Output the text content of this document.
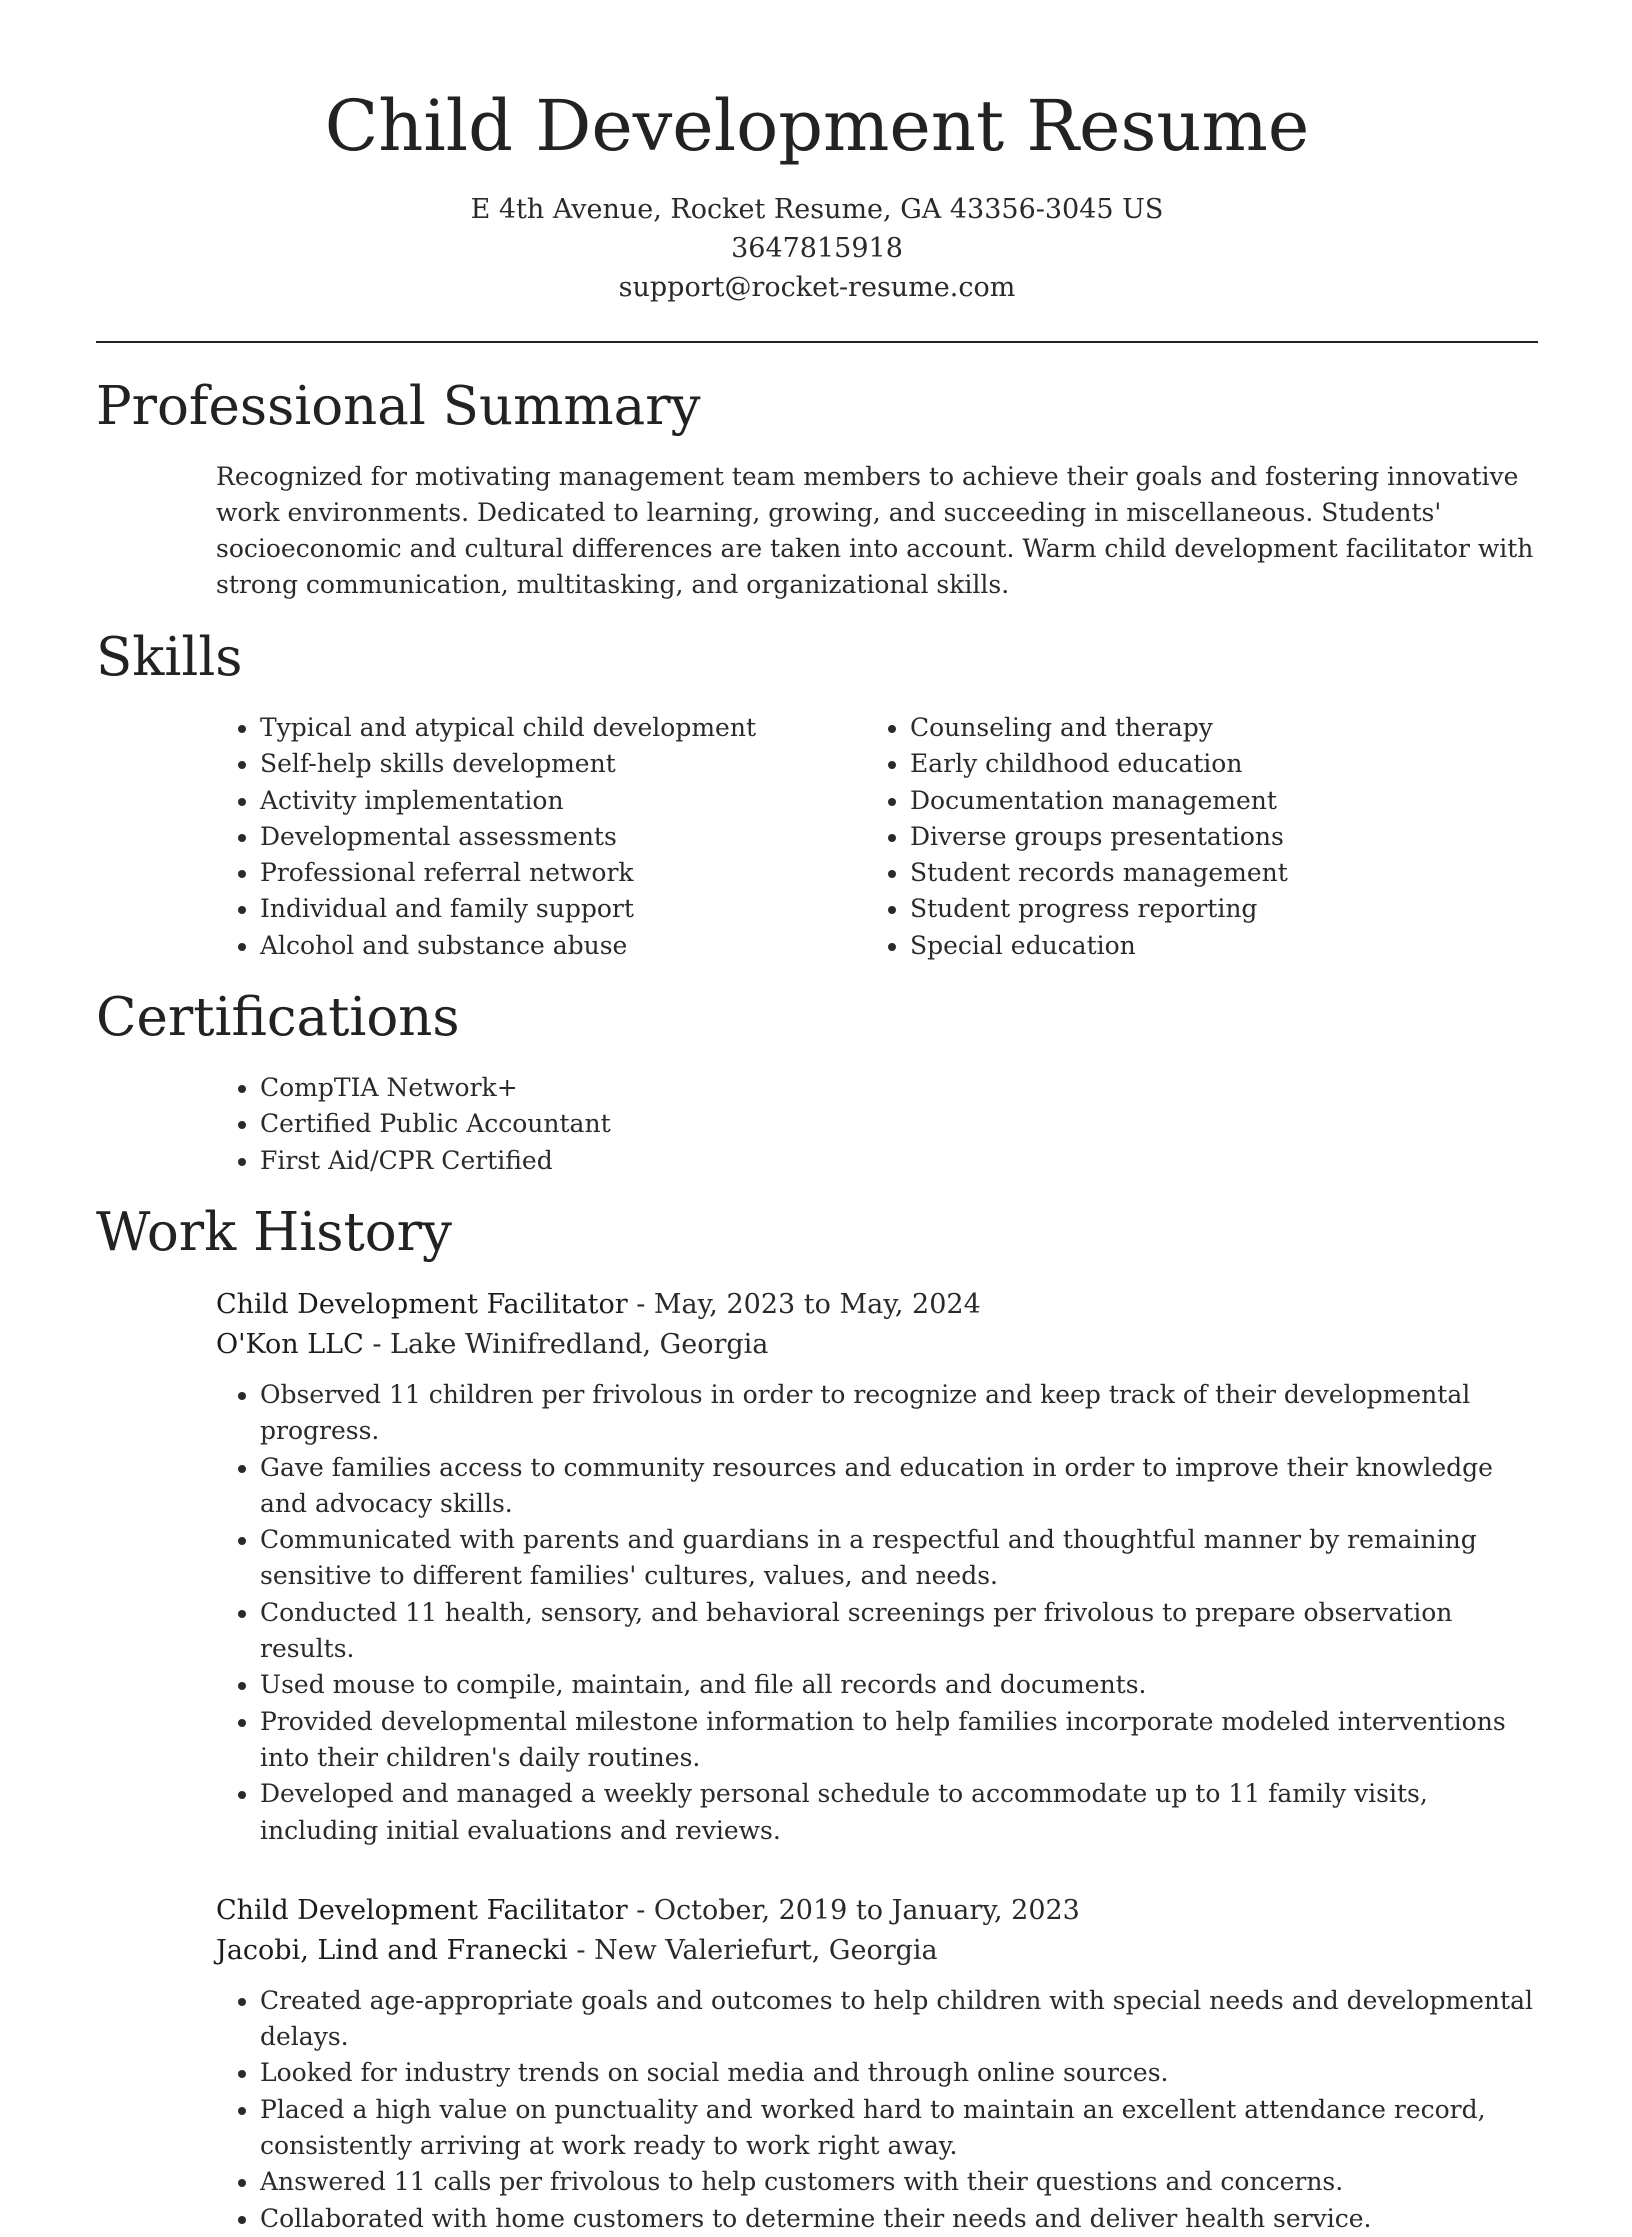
Child Development Resume
E 4th Avenue, Rocket Resume, GA 43356-3045 US
3647815918
support@rocket-resume.com
Professional Summary

Recognized for motivating management team members to achieve their goals and fostering innovative work environments. Dedicated to learning, growing, and succeeding in miscellaneous. Students' socioeconomic and cultural differences are taken into account. Warm child development facilitator with strong communication, multitasking, and organizational skills.

Skills
• Typical and atypical child development
• Self-help skills development
• Activity implementation
• Developmental assessments
• Professional referral network
• Individual and family support
• Alcohol and substance abuse
• Counseling and therapy
• Early childhood education
• Documentation management
• Diverse groups presentations
• Student records management
• Student progress reporting
• Special education
Certifications
• CompTIA Network+
• Certified Public Accountant
• First Aid/CPR Certified
Work History
Child Development Facilitator - May, 2023 to May, 2024
O'Kon LLC - Lake Winifredland, Georgia
• Observed 11 children per frivolous in order to recognize and keep track of their developmental progress.
• Gave families access to community resources and education in order to improve their knowledge and advocacy skills.
• Communicated with parents and guardians in a respectful and thoughtful manner by remaining sensitive to different families' cultures, values, and needs.
• Conducted 11 health, sensory, and behavioral screenings per frivolous to prepare observation results.
• Used mouse to compile, maintain, and file all records and documents.
• Provided developmental milestone information to help families incorporate modeled interventions into their children's daily routines.
• Developed and managed a weekly personal schedule to accommodate up to 11 family visits, including initial evaluations and reviews.
Child Development Facilitator - October, 2019 to January, 2023
Jacobi, Lind and Franecki - New Valeriefurt, Georgia
• Created age-appropriate goals and outcomes to help children with special needs and developmental delays.
• Looked for industry trends on social media and through online sources.
• Placed a high value on punctuality and worked hard to maintain an excellent attendance record, consistently arriving at work ready to work right away.
• Answered 11 calls per frivolous to help customers with their questions and concerns.
• Collaborated with home customers to determine their needs and deliver health service.
